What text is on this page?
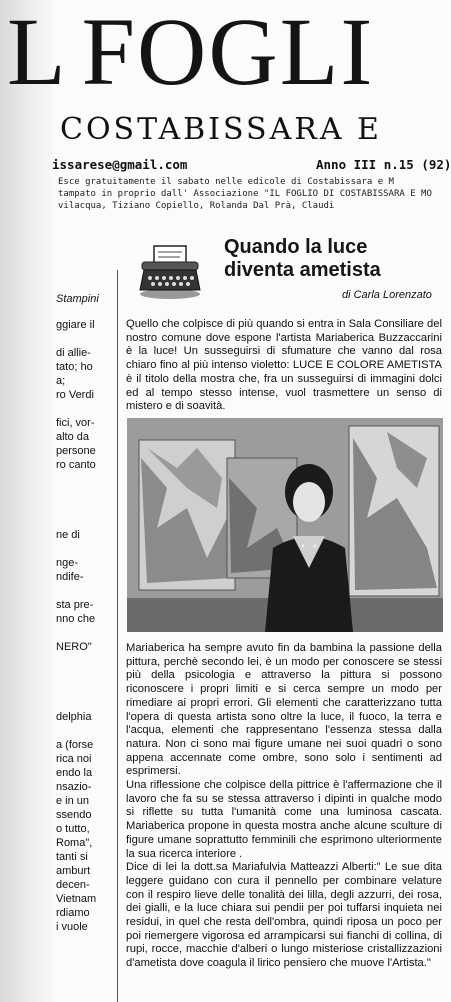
L FOGLI
COSTABISSARA E
issarese@gmail.com	Anno III n.15 (92)
Esce gratuitamente il sabato nelle edicole di Costabissara e M
tampato in proprio dall' Associazione "IL FOGLIO DI COSTABISSARA E MO
vilacqua, Tiziano Copiello, Rolanda Dal Prà, Claudi
Stampini
ggiare il

di allie-
tato; ho
a;
ro Verdi

fici, vor-
alto da
persone
ro canto

ne di

nge-
ndife-

sta pre-
nno che

NERO"

delphia

a (forse
rica noi
endo la
nsazio-
e in un
ssendo
o tutto,
Roma",
tanti si
amburt
decen-
Vietnam
rdiamo
i vuole
Quando la luce
diventa ametista
di Carla Lorenzato

Quello che colpisce di più quando si entra in Sala Consiliare del nostro comune dove espone l'artista Mariaberica Buzzaccarini è la luce! Un susseguirsi di sfumature che vanno dal rosa chiaro fino al più intenso violetto: LUCE E COLORE AMETISTA è il titolo della mostra che, fra un susseguirsi di immagini dolci ed al tempo stesso intense, vuol trasmettere un senso di mistero e di soavità.

Mariaberica ha sempre avuto fin da bambina la passione della pittura, perchè secondo lei, è un modo per conoscere se stessi più della psicologia e attraverso la pittura si possono riconoscere i propri limiti e si cerca sempre un modo per rimediare ai propri errori. Gli elementi che caratterizzano tutta l'opera di questa artista sono oltre la luce, il fuoco, la terra e l'acqua, elementi che rappresentano l'essenza stessa dalla natura. Non ci sono mai figure umane nei suoi quadri o sono appena accennate come ombre, sono solo i sentimenti ad esprimersi.

Una riflessione che colpisce della pittrice è l'affermazione che il lavoro che fa su se stessa attraverso i dipinti in qualche modo si riflette su tutta l'umanità come una luminosa cascata. Mariaberica propone in questa mostra anche alcune sculture di figure umane soprattutto femminili che esprimono ulteriormente la sua ricerca interiore .

Dice di lei la dott.sa Mariafulvia Matteazzi Alberti:" Le sue dita leggere guidano con cura il pennello per combinare velature con il respiro lieve delle tonalità dei lilla, degli azzurri, dei rosa, dei gialli, e la luce chiara sui pendii per poi tuffarsi inquieta nei residui, in quel che resta dell'ombra, quindi riposa un poco per poi riemergere vigorosa ed arrampicarsi sui fianchi di collina, di rupi, rocce, macchie d'alberi o lungo misteriose cristallizzazioni d'ametista dove coagula il lirico pensiero che muove l'Artista."
